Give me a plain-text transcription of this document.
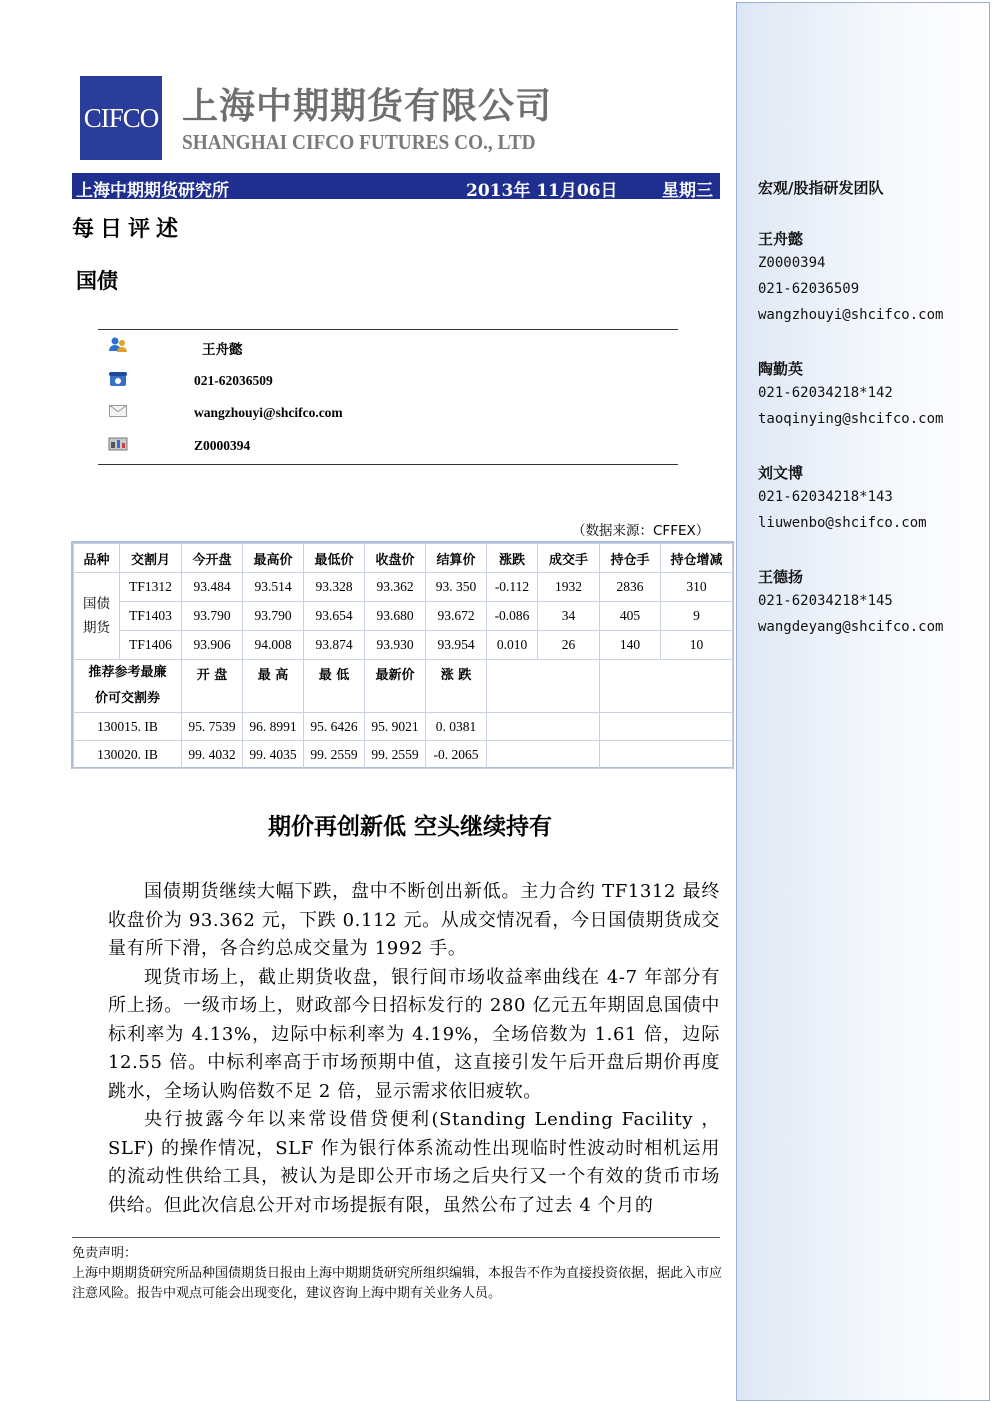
CIFCO 上海中期期货有限公司
SHANGHAI CIFCO FUTURES CO., LTD
上海中期期货研究所	2013年 11月06日	星期三
每日评述
国债
王舟懿
021-62036509
wangzhouyi@shcifco.com
Z0000394
（数据来源：CFFEX）
品种	交割月	今开盘	最高价	最低价	收盘价	结算价	涨跌	成交手	持仓手	持仓增减

国债
期货	TF1312	93.484	93.514	93.328	93.362	93. 350	-0.112	1932	2836	310
	TF1403	93.790	93.790	93.654	93.680	93.672	-0.086	34	405	9
	TF1406	93.906	94.008	93.874	93.930	93.954	0.010	26	140	10

推荐参考最廉
价可交割券		开 盘	最 高	最 低	最新价	涨 跌				

130015. IB		95. 7539	96. 8991	95. 6426	95. 9021	0. 0381				
130020. IB		99. 4032	99. 4035	99. 2559	99. 2559	-0. 2065				
期价再创新低 空头继续持有

国债期货继续大幅下跌，盘中不断创出新低。主力合约 TF1312 最终收盘价为 93.362 元，下跌 0.112 元。从成交情况看，今日国债期货成交量有所下滑，各合约总成交量为 1992 手。

现货市场上，截止期货收盘，银行间市场收益率曲线在 4-7 年部分有所上扬。一级市场上，财政部今日招标发行的 280 亿元五年期固息国债中标利率为 4.13%，边际中标利率为 4.19%，全场倍数为 1.61 倍，边际 12.55 倍。中标利率高于市场预期中值，这直接引发午后开盘后期价再度跳水，全场认购倍数不足 2 倍，显示需求依旧疲软。

央行披露今年以来常设借贷便利(Standing Lending Facility ，SLF) 的操作情况，SLF 作为银行体系流动性出现临时性波动时相机运用的流动性供给工具，被认为是即公开市场之后央行又一个有效的货币市场供给。但此次信息公开对市场提振有限，虽然公布了过去 4 个月的

免责声明：
上海中期期货研究所品种国债期货日报由上海中期期货研究所组织编辑，本报告不作为直接投资依据，据此入市应注意风险。报告中观点可能会出现变化，建议咨询上海中期有关业务人员。
宏观/股指研发团队
王舟懿
Z0000394
021-62036509
wangzhouyi@shcifco.com
陶勤英
021-62034218*142
taoqinying@shcifco.com
刘文博
021-62034218*143
liuwenbo@shcifco.com
王德扬
021-62034218*145
wangdeyang@shcifco.com
